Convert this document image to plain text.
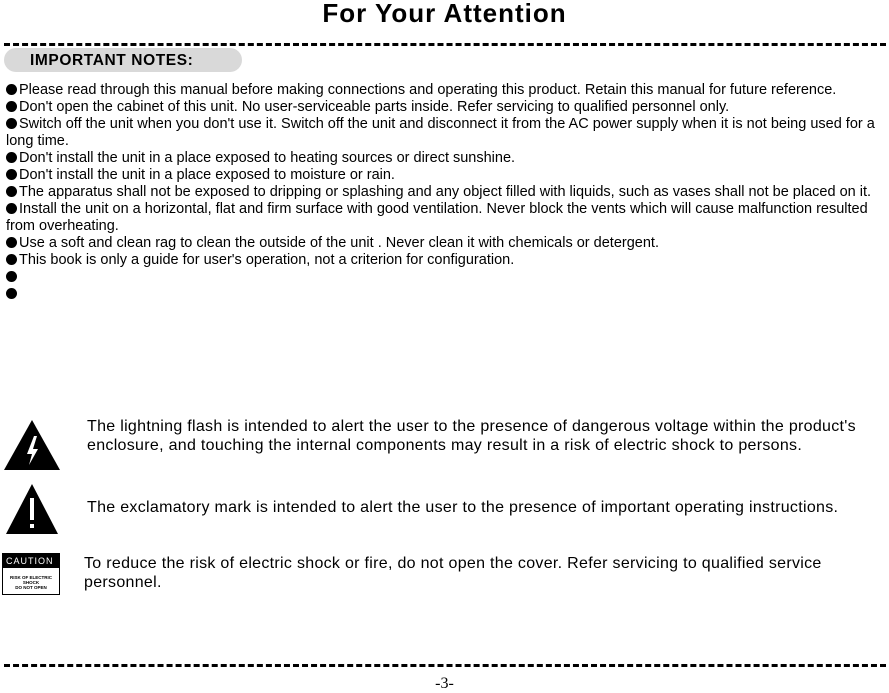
For Your Attention
IMPORTANT NOTES:
Please read through this manual before making connections and operating this product. Retain this manual for future reference.
Don't open the cabinet of this unit. No user-serviceable parts inside. Refer servicing to qualified personnel only.
Switch off the unit when you don't use it. Switch off the unit and disconnect it from the AC power supply when it is not being used for a long time.
Don't install the unit in a place exposed to heating sources or direct sunshine.
Don't install the unit in a place exposed to moisture or rain.
The apparatus shall not be exposed to dripping or splashing and any object filled with liquids, such as vases shall not be placed on it.
Install the unit on a horizontal, flat and firm surface with good ventilation. Never block the vents which will cause malfunction resulted from overheating.
Use a soft and clean rag to clean the outside of the unit . Never clean it with chemicals or detergent.
This book is only a guide for user's operation, not a criterion for configuration.
The lightning flash is intended to alert the user to the presence of dangerous voltage within the product's enclosure, and touching the internal components may result in a risk of electric shock to persons.
The exclamatory mark is intended to alert the user to the presence of important operating instructions.
CAUTION
RISK OF ELECTRIC SHOCK
DO NOT OPEN
To reduce the risk of electric shock or fire, do not open the cover. Refer servicing to qualified service personnel.
-3-
